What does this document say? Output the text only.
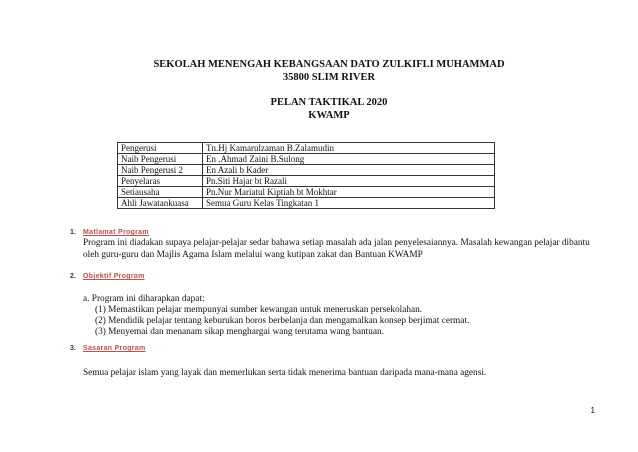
SEKOLAH MENENGAH KEBANGSAAN DATO ZULKIFLI MUHAMMAD
35800 SLIM RIVER
PELAN TAKTIKAL 2020
KWAMP
Pengerusi	Tn.Hj Kamarulzaman B.Zalamudin
Naib Pengerusi	En .Ahmad Zaini B.Sulong
Naib Pengerusi 2	En Azali b Kader
Penyelaras	Pn.Siti Hajar bt Razali
Setiausaha	Pn.Nur Mariatul Kiptiah bt Mokhtar
Ahli Jawatankuasa	Semua Guru Kelas Tingkatan 1
1. Matlamat Program
Program ini diadakan supaya pelajar-pelajar sedar bahawa setiap masalah ada jalan penyelesaiannya. Masalah kewangan pelajar dibantu
oleh guru-guru dan Majlis Agama Islam melalui wang kutipan zakat dan Bantuan KWAMP
2. Objektif Program
a. Program ini diharapkan dapat:
(1) Memastikan pelajar mempunyai sumber kewangan untuk meneruskan persekolahan.
(2) Mendidik pelajar tentang keburukan boros berbelanja dan mengamalkan konsep berjimat cermat.
(3) Menyemai dan menanam sikap menghargai wang terutama wang bantuan.
3. Sasaran Program
Semua pelajar islam yang layak dan memerlukan serta tidak menerima bantuan daripada mana-mana agensi.
1
